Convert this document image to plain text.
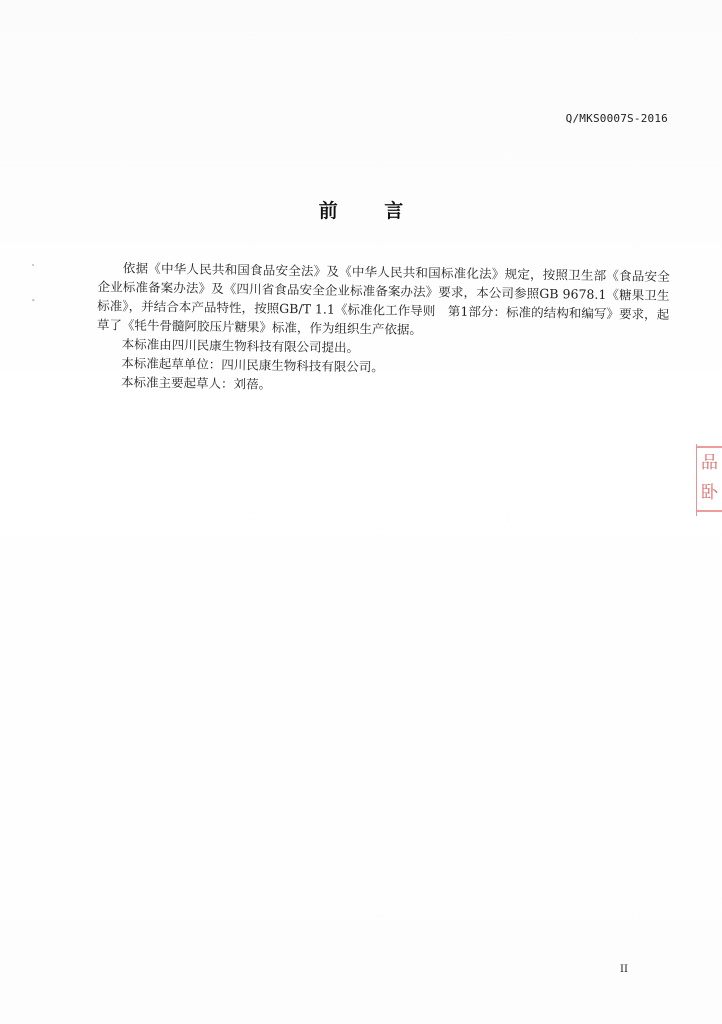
Q/MKS0007S-2016
前 言
ₛ
ₐ

依据《中华人民共和国食品安全法》及《中华人民共和国标准化法》规定，按照卫生部《食品安全企业标准备案办法》及《四川省食品安全企业标准备案办法》要求，本公司参照GB 9678.1《糖果卫生标准》，并结合本产品特性，按照GB/T 1.1《标准化工作导则　第1部分：标准的结构和编写》要求，起草了《牦牛骨髓阿胶压片糖果》标准，作为组织生产依据。

本标准由四川民康生物科技有限公司提出。

本标准起草单位：四川民康生物科技有限公司。

本标准主要起草人：刘蓓。

品
卧
II
